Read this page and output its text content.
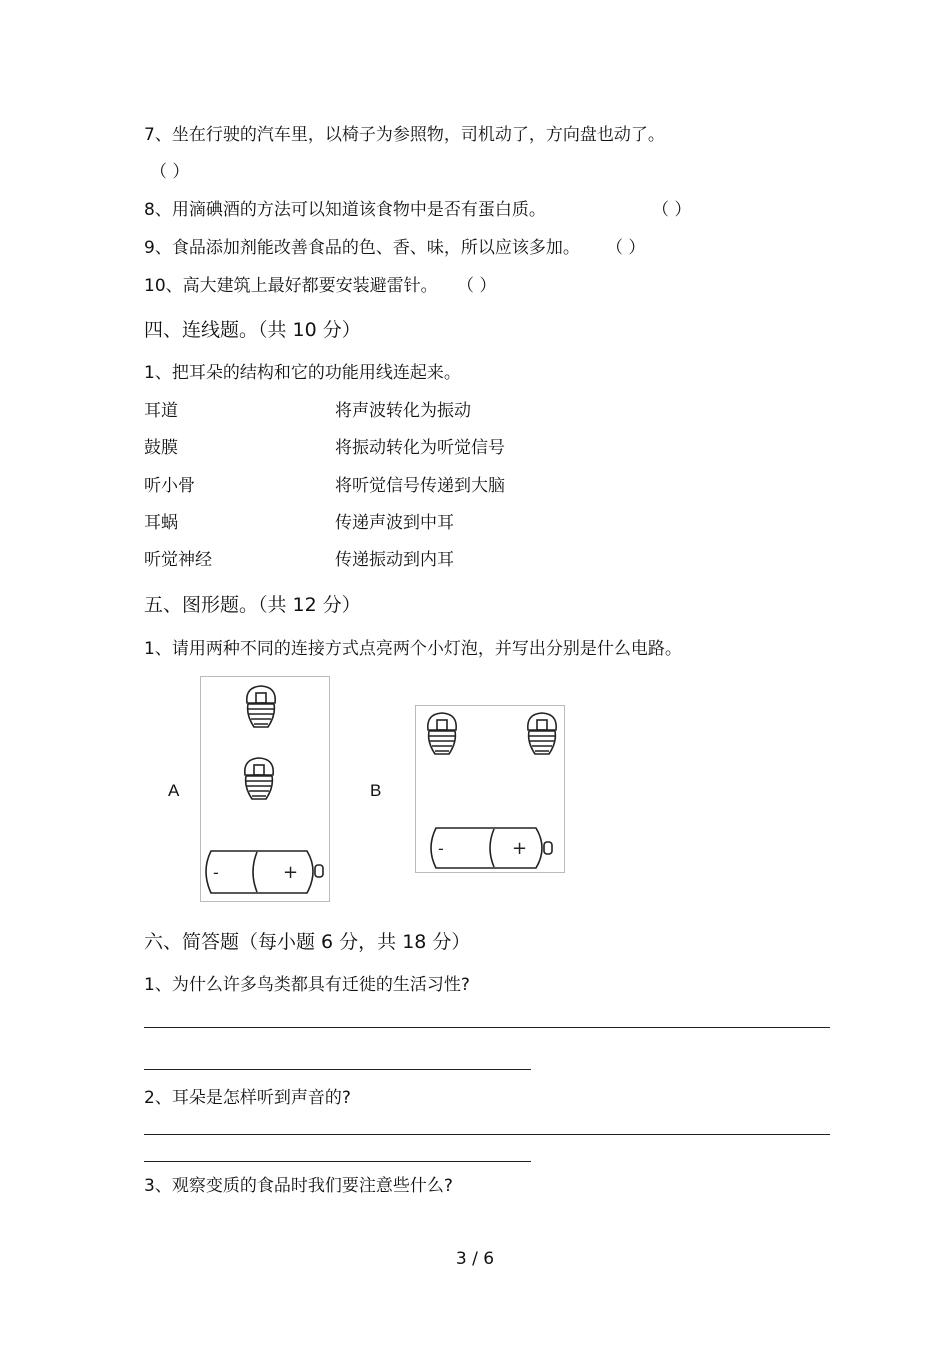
7、坐在行驶的汽车里，以椅子为参照物，司机动了，方向盘也动了。
（ ）
8、用滴碘酒的方法可以知道该食物中是否有蛋白质。	（ ）
9、食品添加剂能改善食品的色、香、味，所以应该多加。 （ ）
10、高大建筑上最好都要安装避雷针。 （ ）
四、连线题。（共 10 分）
1、把耳朵的结构和它的功能用线连起来。
耳道	将声波转化为振动
鼓膜	将振动转化为听觉信号
听小骨	将听觉信号传递到大脑
耳蜗	传递声波到中耳
听觉神经	传递振动到内耳
五、图形题。（共 12 分）
1、请用两种不同的连接方式点亮两个小灯泡，并写出分别是什么电路。
A	B
-	+
-	+
六、简答题（每小题 6 分，共 18 分）
1、为什么许多鸟类都具有迁徙的生活习性?
2、耳朵是怎样听到声音的?
3、观察变质的食品时我们要注意些什么?
3 / 6
